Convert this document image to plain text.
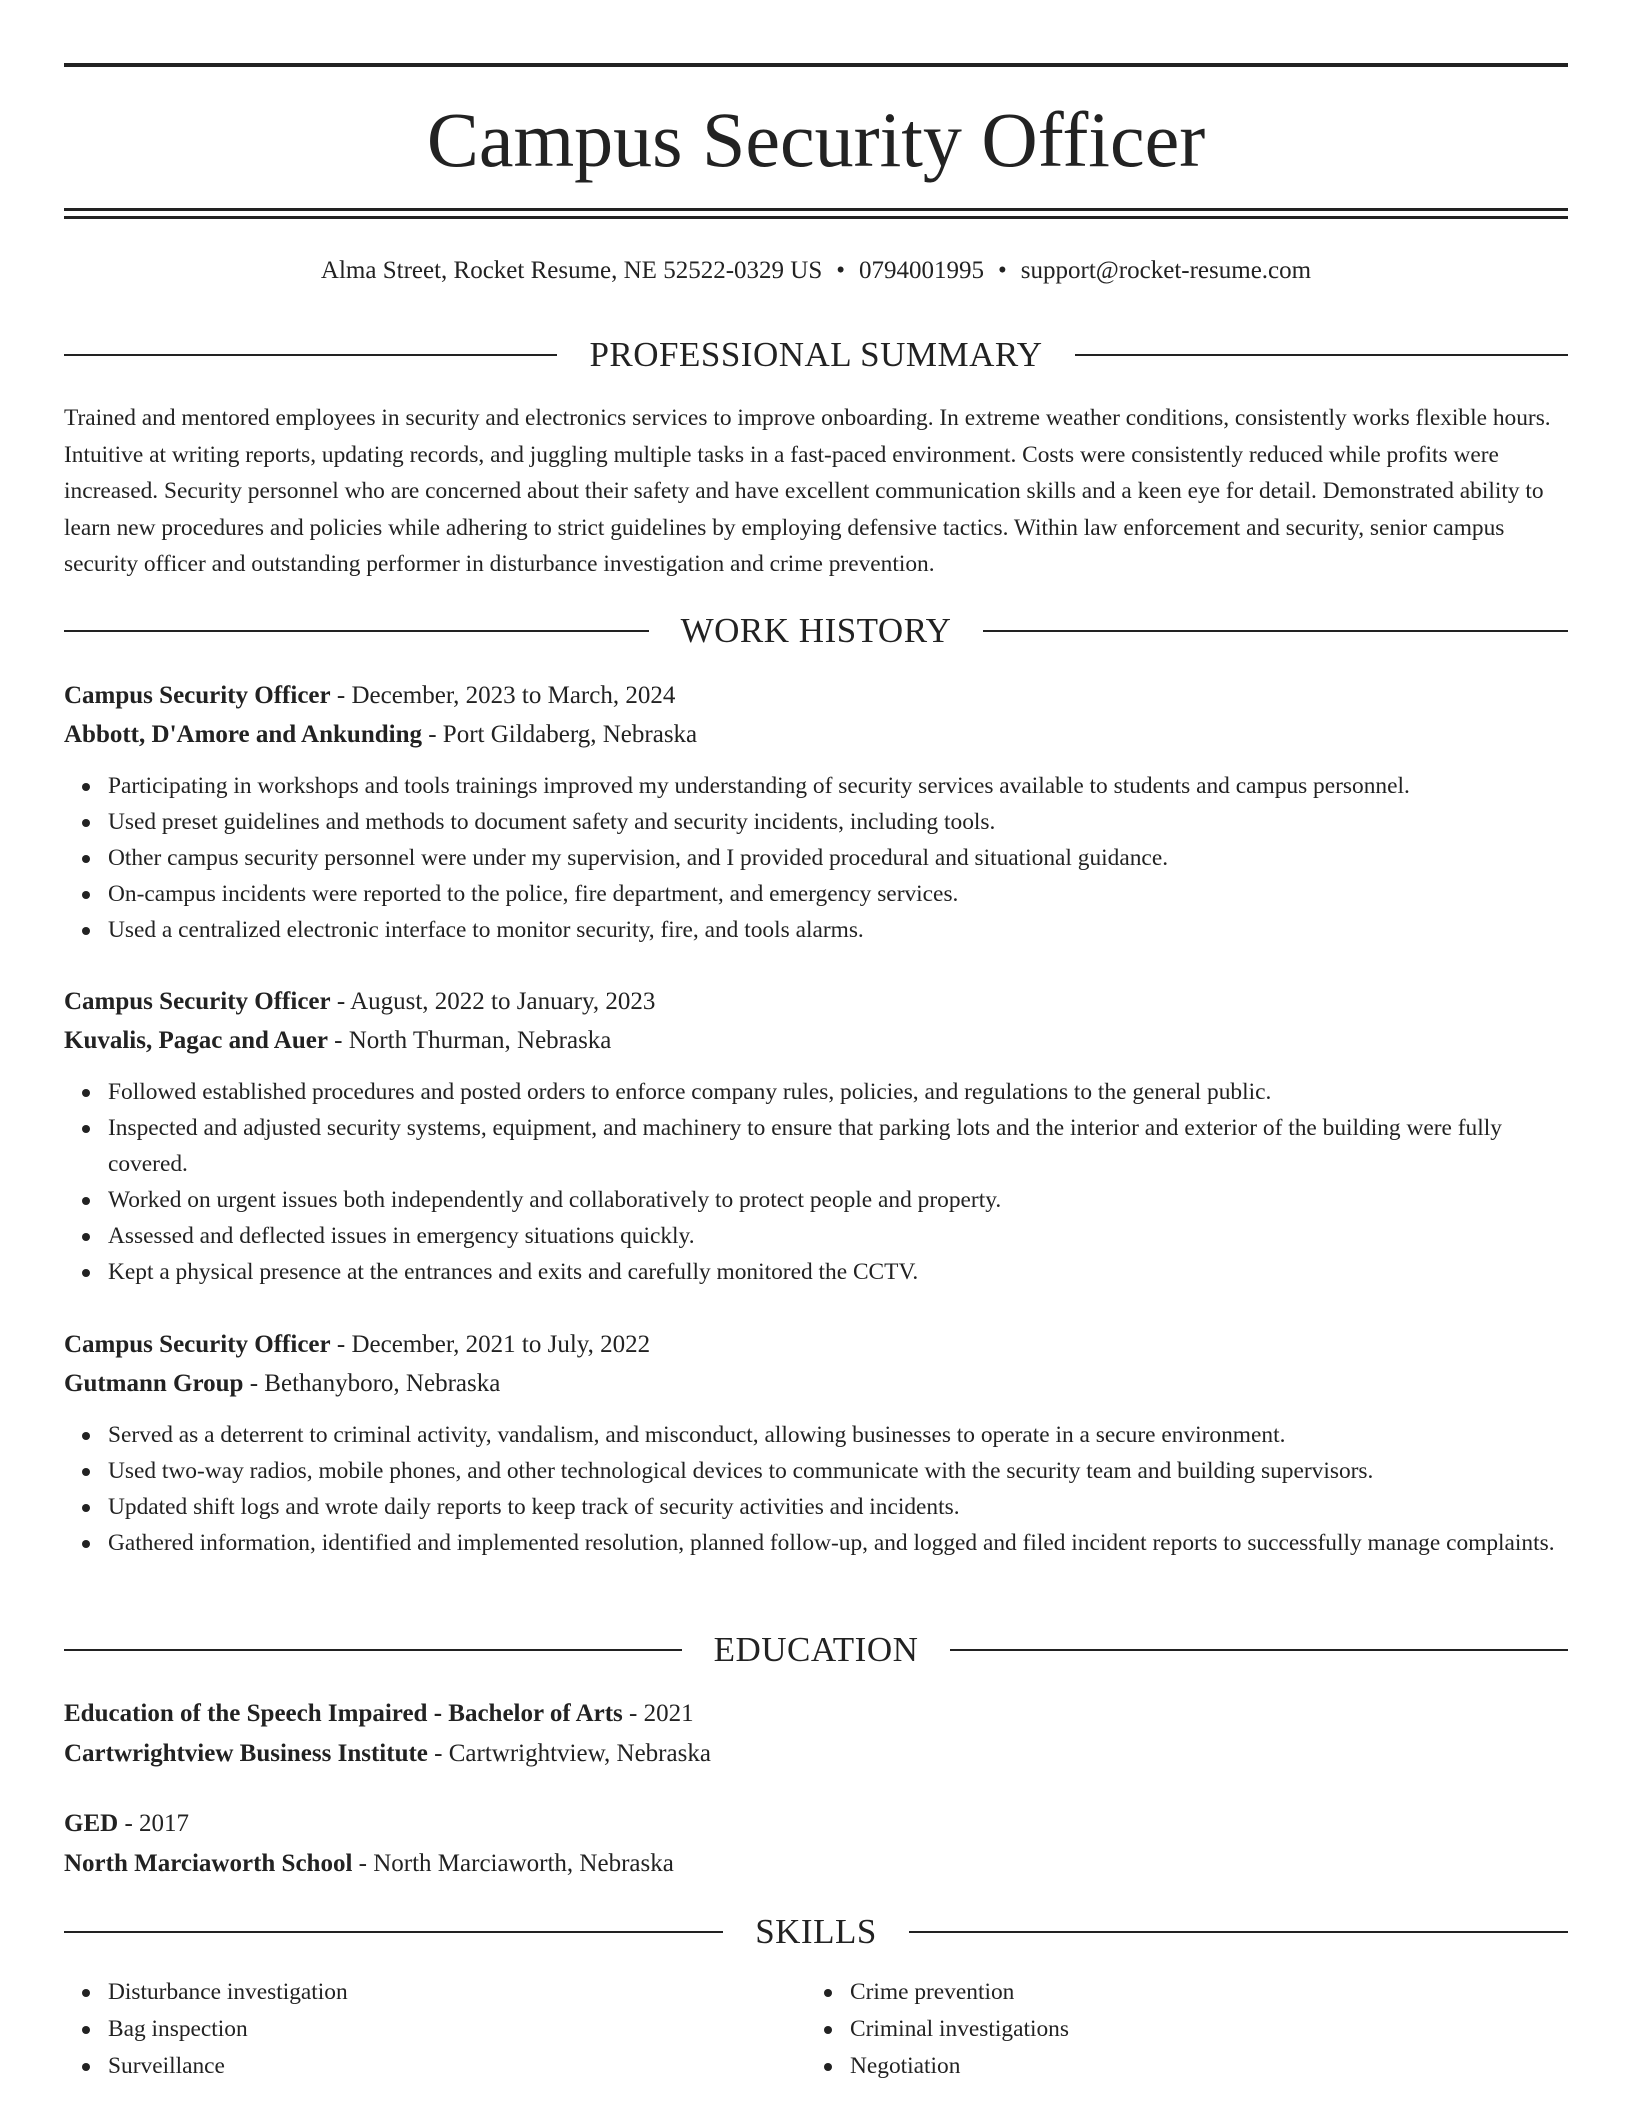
Campus Security Officer
Alma Street, Rocket Resume, NE 52522-0329 US • 0794001995 • support@rocket-resume.com
PROFESSIONAL SUMMARY

Trained and mentored employees in security and electronics services to improve onboarding. In extreme weather conditions, consistently works flexible hours. Intuitive at writing reports, updating records, and juggling multiple tasks in a fast-paced environment. Costs were consistently reduced while profits were increased. Security personnel who are concerned about their safety and have excellent communication skills and a keen eye for detail. Demonstrated ability to learn new procedures and policies while adhering to strict guidelines by employing defensive tactics. Within law enforcement and security, senior campus security officer and outstanding performer in disturbance investigation and crime prevention.

WORK HISTORY
Campus Security Officer - December, 2023 to March, 2024
Abbott, D'Amore and Ankunding - Port Gildaberg, Nebraska
Participating in workshops and tools trainings improved my understanding of security services available to students and campus personnel.
Used preset guidelines and methods to document safety and security incidents, including tools.
Other campus security personnel were under my supervision, and I provided procedural and situational guidance.
On-campus incidents were reported to the police, fire department, and emergency services.
Used a centralized electronic interface to monitor security, fire, and tools alarms.
Campus Security Officer - August, 2022 to January, 2023
Kuvalis, Pagac and Auer - North Thurman, Nebraska
Followed established procedures and posted orders to enforce company rules, policies, and regulations to the general public.
Inspected and adjusted security systems, equipment, and machinery to ensure that parking lots and the interior and exterior of the building were fully covered.
Worked on urgent issues both independently and collaboratively to protect people and property.
Assessed and deflected issues in emergency situations quickly.
Kept a physical presence at the entrances and exits and carefully monitored the CCTV.
Campus Security Officer - December, 2021 to July, 2022
Gutmann Group - Bethanyboro, Nebraska
Served as a deterrent to criminal activity, vandalism, and misconduct, allowing businesses to operate in a secure environment.
Used two-way radios, mobile phones, and other technological devices to communicate with the security team and building supervisors.
Updated shift logs and wrote daily reports to keep track of security activities and incidents.
Gathered information, identified and implemented resolution, planned follow-up, and logged and filed incident reports to successfully manage complaints.
EDUCATION
Education of the Speech Impaired - Bachelor of Arts - 2021
Cartwrightview Business Institute - Cartwrightview, Nebraska
GED - 2017
North Marciaworth School - North Marciaworth, Nebraska
SKILLS
Disturbance investigation
Bag inspection
Surveillance
Crime prevention
Criminal investigations
Negotiation
